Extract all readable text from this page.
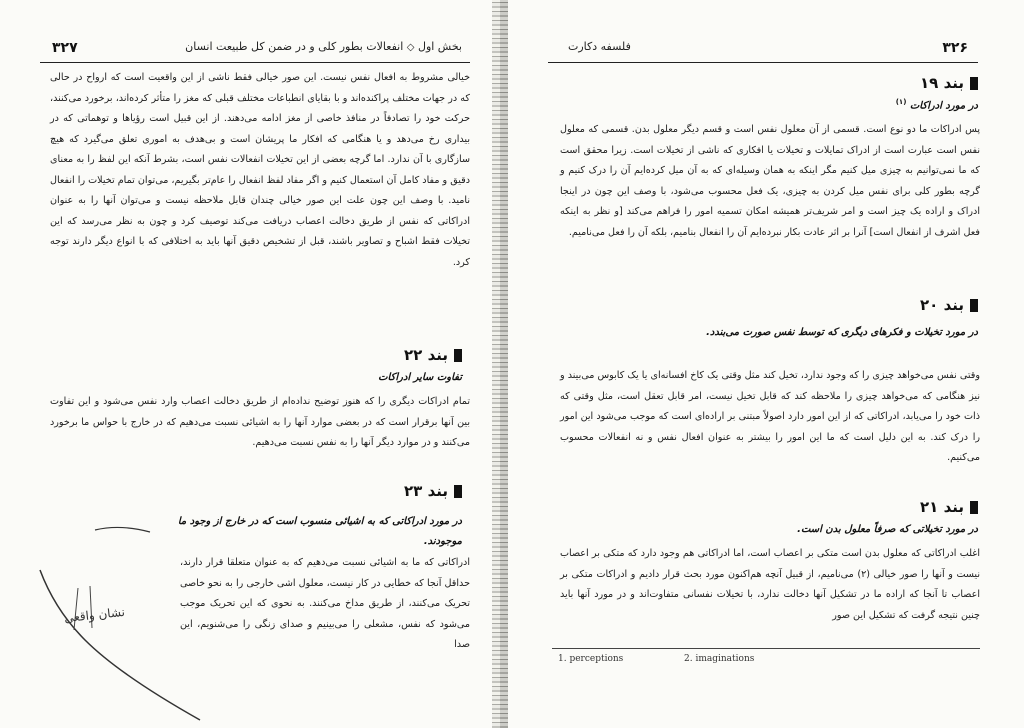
۳۲۷	بخش اول ◇ انفعالات بطور کلی و در ضمن کل طبیعت انسان

خیالی مشروط به افعال نفس نیست. این صور خیالی فقط ناشی از این واقعیت است که ارواح در حالی که در جهات مختلف پراکنده‌اند و با بقایای انطباعات مختلف قبلی که مغز را متأثر کرده‌اند، برخورد می‌کنند، حرکت خود را تصادفاً در منافذ خاصی از مغز ادامه می‌دهند. از این قبیل است رؤیاها و توهماتی که در بیداری رخ می‌دهد و یا هنگامی که افکار ما پریشان است و بی‌هدف به اموری تعلق می‌گیرد که هیچ سازگاری با آن ندارد. اما گرچه بعضی از این تخیلات انفعالات نفس است، بشرط آنکه این لفظ را به معنای دقیق و مفاد کامل آن استعمال کنیم و اگر مفاد لفظ انفعال را عام‌تر بگیریم، می‌توان تمام تخیلات را انفعال نامید. با وصف این چون علت این صور خیالی چندان قابل ملاحظه نیست و می‌توان آنها را به عنوان ادراکاتی که نفس از طریق دخالت اعصاب دریافت می‌کند توصیف کرد و چون به نظر می‌رسد که این تخیلات فقط اشباح و تصاویر باشند، قبل از تشخیص دقیق آنها باید به اختلافی که با انواع دیگر دارند توجه کرد.

بند ۲۲
تفاوت سایر ادراکات

تمام ادراکات دیگری را که هنوز توضیح نداده‌ام از طریق دخالت اعصاب وارد نفس می‌شود و این تفاوت بین آنها برقرار است که در بعضی موارد آنها را به اشیائی نسبت می‌دهیم که در خارج با حواس ما برخورد می‌کنند و در موارد دیگر آنها را به نفس نسبت می‌دهیم.

بند ۲۳
در مورد ادراکاتی که به اشیائی منسوب است که در خارج از وجود ما موجودند.

ادراکاتی که ما به اشیائی نسبت می‌دهیم که به عنوان متعلقا قرار دارند، حداقل آنجا که خطایی در کار نیست، معلول اشی خارجی را به نحو خاصی تحریک می‌کنند، از طریق مداخ می‌کنند. به نحوی که این تحریک موجب می‌شود که نفس، مشعلی را می‌بینیم و صدای زنگی را می‌شنویم، این صدا

نشان واقعی
فلسفه دکارت	۳۲۶
بند ۱۹
در مورد ادراکات $^{(۱)}$

پس ادراکات ما دو نوع است. قسمی از آن معلول نفس است و قسم دیگر معلول بدن. قسمی که معلول نفس است عبارت است از ادراک تمایلات و تخیلات یا افکاری که ناشی از تخیلات است. زیرا محقق است که ما نمی‌توانیم به چیزی میل کنیم مگر اینکه به همان وسیله‌ای که به آن میل کرده‌ایم آن را درک کنیم و گرچه بطور کلی برای نفس میل کردن به چیزی، یک فعل محسوب می‌شود، با وصف این چون در اینجا ادراک و اراده یک چیز است و امر شریف‌تر همیشه امکان تسمیه امور را فراهم می‌کند [و نظر به اینکه فعل اشرف از انفعال است] آنرا بر اثر عادت بکار نبرده‌ایم آن را انفعال بنامیم، بلکه آن را فعل می‌نامیم.

بند ۲۰
در مورد تخیلات و فکرهای دیگری که توسط نفس صورت می‌بندد.

وقتی نفس می‌خواهد چیزی را که وجود ندارد، تخیل کند مثل وقتی یک کاخ افسانه‌ای یا یک کابوس می‌بیند و نیز هنگامی که می‌خواهد چیزی را ملاحظه کند که قابل تخیل نیست، امر قابل تعقل است، مثل وقتی که ذات خود را می‌یابد، ادراکاتی که از این امور دارد اصولاً مبتنی بر اراده‌ای است که موجب می‌شود این امور را درک کند. به این دلیل است که ما این امور را بیشتر به عنوان افعال نفس و نه انفعالات محسوب می‌کنیم.

بند ۲۱
در مورد تخیلاتی که صرفاً معلول بدن است.

اغلب ادراکاتی که معلول بدن است متکی بر اعصاب است، اما ادراکاتی هم وجود دارد که متکی بر اعصاب نیست و آنها را صور خیالی (۲) می‌نامیم، از قبیل آنچه هم‌اکنون مورد بحث قرار دادیم و ادراکات متکی بر اعصاب تا آنجا که اراده ما در تشکیل آنها دخالت ندارد، با تخیلات نفسانی متفاوت‌اند و در مورد آنها باید چنین نتیجه گرفت که تشکیل این صور

1. perceptions	2. imaginations
